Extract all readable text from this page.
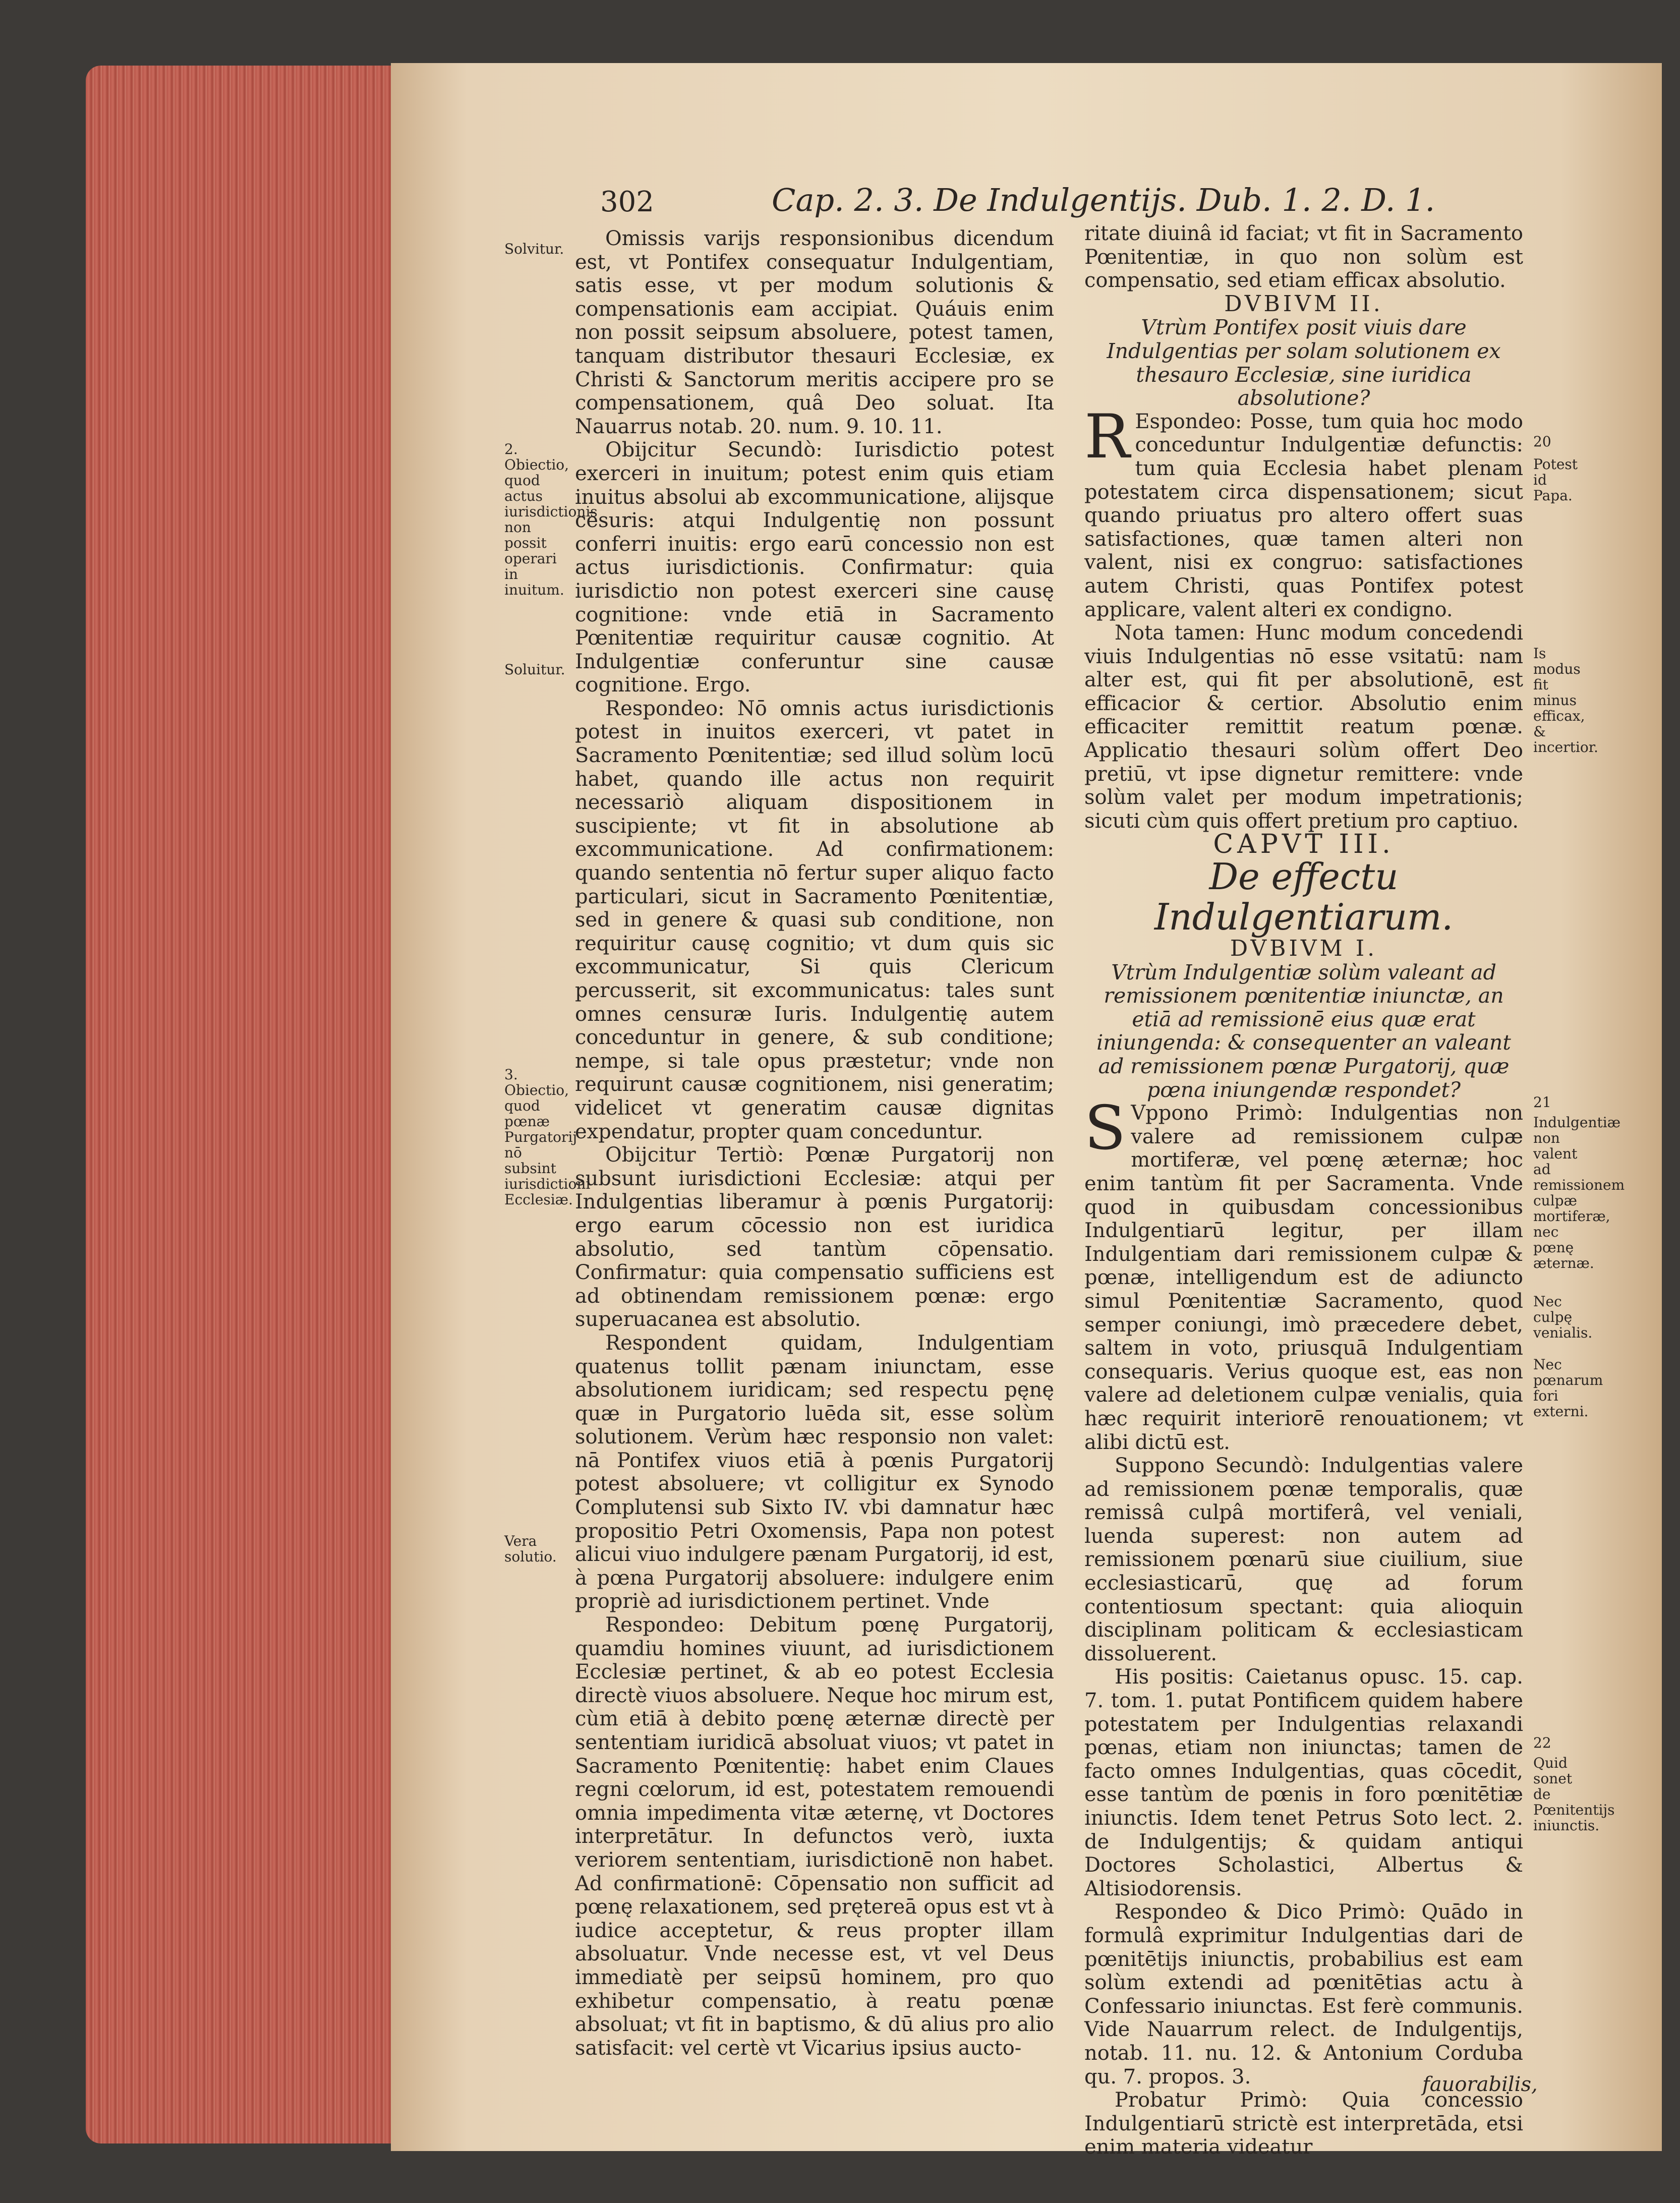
302	Cap. 2. 3. De Indulgentijs. Dub. 1. 2. D. 1.
Solvitur.
2. Obiectio, quod actus iurisdictionis non possit operari in inuitum.
Soluitur.
3. Obiectio, quod pœnæ Purgatorij nō subsint iurisdictioni Ecclesiæ.
Vera solutio.

Omissis varijs responsionibus dicendum est, vt Pontifex consequatur Indulgentiam, satis esse, vt per modum solutionis & compensationis eam accipiat. Quáuis enim non possit seipsum absoluere, potest tamen, tanquam distributor thesauri Ecclesiæ, ex Christi & Sanctorum meritis accipere pro se compensationem, quâ Deo soluat. Ita Nauarrus notab. 20. num. 9. 10. 11.

Obijcitur Secundò: Iurisdictio potest exerceri in inuitum; potest enim quis etiam inuitus absolui ab excommunicatione, alijsque cēsuris: atqui Indulgentię non possunt conferri inuitis: ergo earū concessio non est actus iurisdictionis. Confirmatur: quia iurisdictio non potest exerceri sine causę cognitione: vnde etiā in Sacramento Pœnitentiæ requiritur causæ cognitio. At Indulgentiæ conferuntur sine causæ cognitione. Ergo.

Respondeo: Nō omnis actus iurisdictionis potest in inuitos exerceri, vt patet in Sacramento Pœnitentiæ; sed illud solùm locū habet, quando ille actus non requirit necessariò aliquam dispositionem in suscipiente; vt fit in absolutione ab excommunicatione. Ad confirmationem: quando sententia nō fertur super aliquo facto particulari, sicut in Sacramento Pœnitentiæ, sed in genere & quasi sub conditione, non requiritur causę cognitio; vt dum quis sic excommunicatur, Si quis Clericum percusserit, sit excommunicatus: tales sunt omnes censuræ Iuris. Indulgentię autem conceduntur in genere, & sub conditione; nempe, si tale opus præstetur; vnde non requirunt causæ cognitionem, nisi generatim; videlicet vt generatim causæ dignitas expendatur, propter quam conceduntur.

Obijcitur Tertiò: Pœnæ Purgatorij non subsunt iurisdictioni Ecclesiæ: atqui per Indulgentias liberamur à pœnis Purgatorij: ergo earum cōcessio non est iuridica absolutio, sed tantùm cōpensatio. Confirmatur: quia compensatio sufficiens est ad obtinendam remissionem pœnæ: ergo superuacanea est absolutio.

Respondent quidam, Indulgentiam quatenus tollit pænam iniunctam, esse absolutionem iuridicam; sed respectu pęnę quæ in Purgatorio luēda sit, esse solùm solutionem. Verùm hæc responsio non valet: nā Pontifex viuos etiā à pœnis Purgatorij potest absoluere; vt colligitur ex Synodo Complutensi sub Sixto IV. vbi damnatur hæc propositio Petri Oxomensis, Papa non potest alicui viuo indulgere pænam Purgatorij, id est, à pœna Purgatorij absoluere: indulgere enim propriè ad iurisdictionem pertinet. Vnde

Respondeo: Debitum pœnę Purgatorij, quamdiu homines viuunt, ad iurisdictionem Ecclesiæ pertinet, & ab eo potest Ecclesia directè viuos absoluere. Neque hoc mirum est, cùm etiā à debito pœnę æternæ directè per sententiam iuridicā absoluat viuos; vt patet in Sacramento Pœnitentię: habet enim Claues regni cœlorum, id est, potestatem remouendi omnia impedimenta vitæ æternę, vt Doctores interpretātur. In defunctos verò, iuxta veriorem sententiam, iurisdictionē non habet. Ad confirmationē: Cōpensatio non sufficit ad pœnę relaxationem, sed prętereā opus est vt à iudice acceptetur, & reus propter illam absoluatur. Vnde necesse est, vt vel Deus immediatè per seipsū hominem, pro quo exhibetur compensatio, à reatu pœnæ absoluat; vt fit in baptismo, & dū alius pro alio satisfacit: vel certè vt Vicarius ipsius aucto-

ritate diuinâ id faciat; vt fit in Sacramento Pœnitentiæ, in quo non solùm est compensatio, sed etiam efficax absolutio.

DVBIVM II.

Vtrùm Pontifex posit viuis dare Indulgentias per solam solutionem ex thesauro Ecclesiæ, sine iuridica absolutione?

R Espondeo: Posse, tum quia hoc modo conceduntur Indulgentiæ defunctis: tum quia Ecclesia habet plenam potestatem circa dispensationem; sicut quando priuatus pro altero offert suas satisfactiones, quæ tamen alteri non valent, nisi ex congruo: satisfactiones autem Christi, quas Pontifex potest applicare, valent alteri ex condigno.

Nota tamen: Hunc modum concedendi viuis Indulgentias nō esse vsitatū: nam alter est, qui fit per absolutionē, est efficacior & certior. Absolutio enim efficaciter remittit reatum pœnæ. Applicatio thesauri solùm offert Deo pretiū, vt ipse dignetur remittere: vnde solùm valet per modum impetrationis; sicuti cùm quis offert pretium pro captiuo.

CAPVT III.

De effectu Indulgentiarum.

DVBIVM I.

Vtrùm Indulgentiæ solùm valeant ad remissionem pœnitentiæ iniunctæ, an etiā ad remissionē eius quæ erat iniungenda: & consequenter an valeant ad remissionem pœnæ Purgatorij, quæ pœna iniungendæ respondet?

S Vppono Primò: Indulgentias non valere ad remissionem culpæ mortiferæ, vel pœnę æternæ; hoc enim tantùm fit per Sacramenta. Vnde quod in quibusdam concessionibus Indulgentiarū legitur, per illam Indulgentiam dari remissionem culpæ & pœnæ, intelligendum est de adiuncto simul Pœnitentiæ Sacramento, quod semper coniungi, imò præcedere debet, saltem in voto, priusquā Indulgentiam consequaris. Verius quoque est, eas non valere ad deletionem culpæ venialis, quia hæc requirit interiorē renouationem; vt alibi dictū est.

Suppono Secundò: Indulgentias valere ad remissionem pœnæ temporalis, quæ remissâ culpâ mortiferâ, vel veniali, luenda superest: non autem ad remissionem pœnarū siue ciuilium, siue ecclesiasticarū, quę ad forum contentiosum spectant: quia alioquin disciplinam politicam & ecclesiasticam dissoluerent.

His positis: Caietanus opusc. 15. cap. 7. tom. 1. putat Pontificem quidem habere potestatem per Indulgentias relaxandi pœnas, etiam non iniunctas; tamen de facto omnes Indulgentias, quas cōcedit, esse tantùm de pœnis in foro pœnitētiæ iniunctis. Idem tenet Petrus Soto lect. 2. de Indulgentijs; & quidam antiqui Doctores Scholastici, Albertus & Altisiodorensis.

Respondeo & Dico Primò: Quādo in formulâ exprimitur Indulgentias dari de pœnitētijs iniunctis, probabilius est eam solùm extendi ad pœnitētias actu à Confessario iniunctas. Est ferè communis. Vide Nauarrum relect. de Indulgentijs, notab. 11. nu. 12. & Antonium Corduba qu. 7. propos. 3.

Probatur Primò: Quia concessio Indulgentiarū strictè est interpretāda, etsi enim materia videatur

fauorabilis,
20
Potest id Papa.
Is modus fit minus efficax, & incertior.
21
Indulgentiæ non valent ad remissionem culpæ mortiferæ, nec pœnę æternæ.
Nec culpę venialis.
Nec pœnarum fori externi.
22
Quid sonet de Pœnitentijs iniunctis.
